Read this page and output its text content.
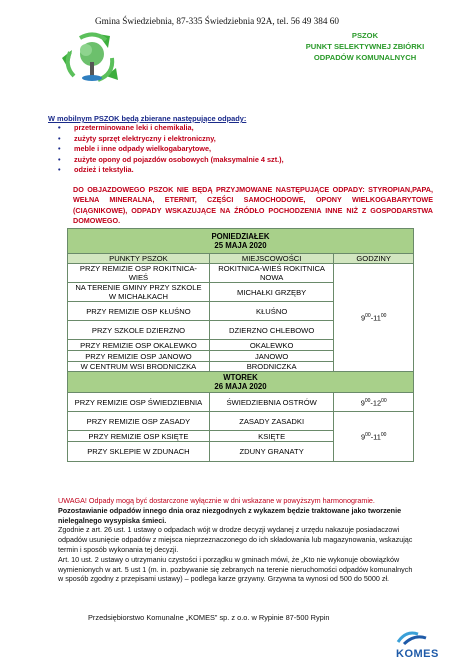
Gmina Świedziebnia, 87-335 Świedziebnia 92A, tel. 56 49 384 60
PSZOK
PUNKT SELEKTYWNEJ ZBIÓRKI
ODPADÓW KOMUNALNYCH
W mobilnym PSZOK będą zbierane następujące odpady:
• przeterminowane leki i chemikalia,
• zużyty sprzęt elektryczny i elektroniczny,
• meble i inne odpady wielkogabarytowe,
• zużyte opony od pojazdów osobowych (maksymalnie 4 szt.),
• odzież i tekstylia.
DO OBJAZDOWEGO PSZOK NIE BĘDĄ PRZYJMOWANE NASTĘPUJĄCE ODPADY: STYROPIAN,PAPA, WEŁNA MINERALNA, ETERNIT, CZĘŚCI SAMOCHODOWE, OPONY WIELKOGABARYTOWE (CIĄGNIKOWE), ODPADY WSKAZUJĄCE NA ŹRÓDŁO POCHODZENIA INNE NIŻ Z GOSPODARSTWA DOMOWEGO.
PONIEDZIAŁEK
25 MAJA 2020		

PUNKTY PSZOK	MIEJSCOWOŚCI	GODZINY
PRZY REMIZIE OSP ROKITNICA-WIEŚ	ROKITNICA-WIEŚ ROKITNICA NOWA	$9^{00}-11^{00}$
NA TERENIE GMINY PRZY SZKOLE W MICHAŁKACH	MICHAŁKI GRZĘBY	
PRZY REMIZIE OSP KŁUŚNO	KŁUŚNO	
PRZY SZKOLE DZIERZNO	DZIERZNO CHLEBOWO	
PRZY REMIZIE OSP OKALEWKO	OKALEWKO	
PRZY REMIZIE OSP JANOWO	JANOWO	
W CENTRUM WSI BRODNICZKA	BRODNICZKA	

WTOREK
26 MAJA 2020		

PRZY REMIZIE OSP ŚWIEDZIEBNIA	ŚWIEDZIEBNIA OSTRÓW	$9^{00}-12^{00}$
PRZY REMIZIE OSP ZASADY	ZASADY ZASADKI	$9^{00}-11^{00}$
PRZY REMIZIE OSP KSIĘTE	KSIĘTE	
PRZY SKLEPIE W ZDUNACH	ZDUNY GRANATY	
UWAGA! Odpady mogą być dostarczone wyłącznie w dni wskazane w powyższym harmonogramie. Pozostawianie odpadów innego dnia oraz niezgodnych z wykazem będzie traktowane jako tworzenie nielegalnego wysypiska śmieci.
Zgodnie z art. 26 ust. 1 ustawy o odpadach wójt w drodze decyzji wydanej z urzędu nakazuje posiadaczowi odpadów usunięcie odpadów z miejsca nieprzeznaczonego do ich składowania lub magazynowania, wskazując termin i sposób wykonania tej decyzji.
Art. 10 ust. 2 ustawy o utrzymaniu czystości i porządku w gminach mówi, że „Kto nie wykonuje obowiązków wymienionych w art. 5 ust 1 (m. in. pozbywanie się zebranych na terenie nieruchomości odpadów komunalnych w sposób zgodny z przepisami ustawy) – podlega karze grzywny. Grzywna ta wynosi od 500 do 5000 zł.
Przedsiębiorstwo Komunalne „KOMES” sp. z o.o. w Rypinie 87-500 Rypin
KOMES
